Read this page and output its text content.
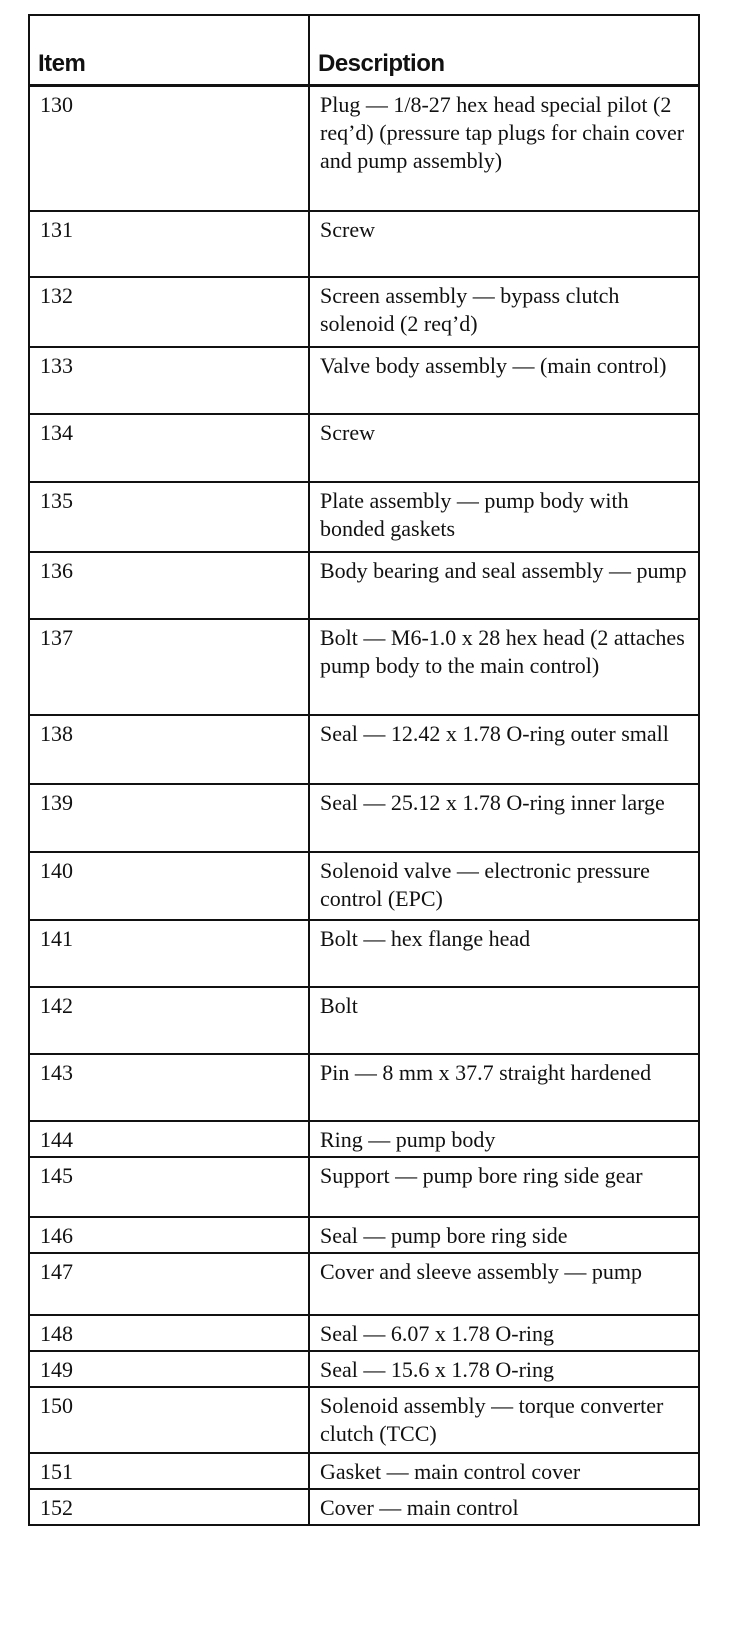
Item	Description
130	Plug — 1/8-27 hex head special pilot (2 req’d) (pressure tap plugs for chain cover and pump assembly)
131	Screw
132	Screen assembly — bypass clutch solenoid (2 req’d)
133	Valve body assembly — (main control)
134	Screw
135	Plate assembly — pump body with bonded gaskets
136	Body bearing and seal assembly — pump
137	Bolt — M6-1.0 x 28 hex head (2 attaches pump body to the main control)
138	Seal — 12.42 x 1.78 O-ring outer small
139	Seal — 25.12 x 1.78 O-ring inner large
140	Solenoid valve — electronic pressure control (EPC)
141	Bolt — hex flange head
142	Bolt
143	Pin — 8 mm x 37.7 straight hardened
144	Ring — pump body
145	Support — pump bore ring side gear
146	Seal — pump bore ring side
147	Cover and sleeve assembly — pump
148	Seal — 6.07 x 1.78 O-ring
149	Seal — 15.6 x 1.78 O-ring
150	Solenoid assembly — torque converter clutch (TCC)
151	Gasket — main control cover
152	Cover — main control
